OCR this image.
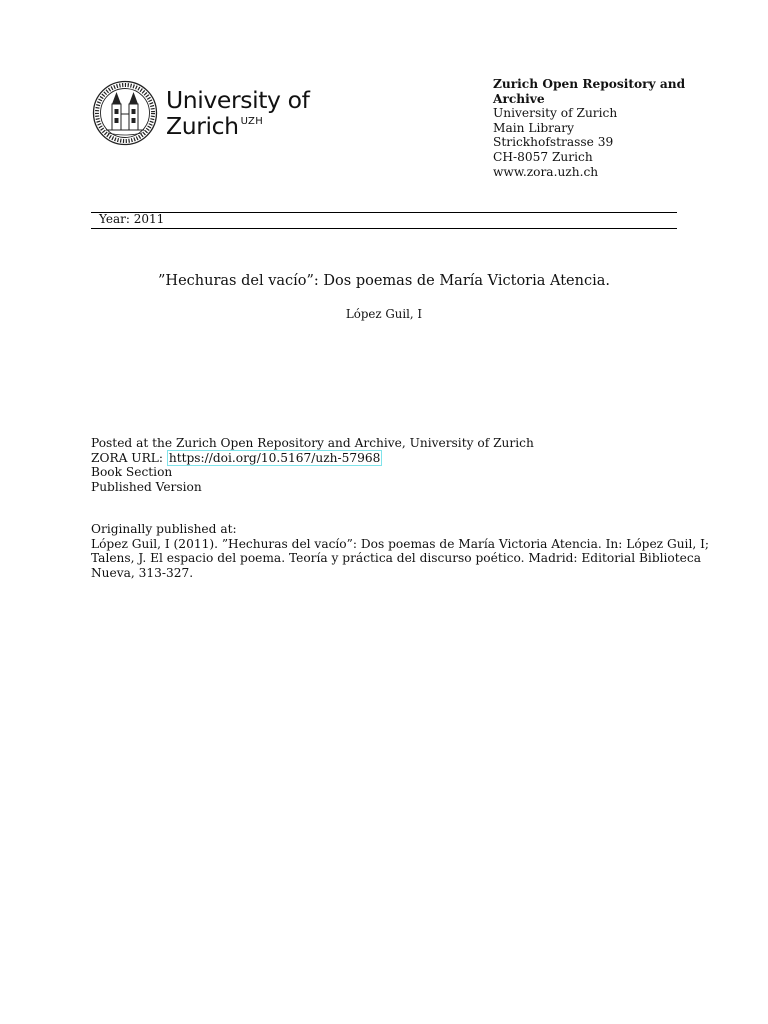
University of
Zurich $^{UZH}$
Zurich Open Repository and
Archive
University of Zurich
Main Library
Strickhofstrasse 39
CH-8057 Zurich
www.zora.uzh.ch
Year: 2011
”Hechuras del vacío”: Dos poemas de María Victoria Atencia.
López Guil, I
Posted at the Zurich Open Repository and Archive, University of Zurich
ZORA URL: https://doi.org/10.5167/uzh-57968
Book Section
Published Version
Originally published at:
López Guil, I (2011). ”Hechuras del vacío”: Dos poemas de María Victoria Atencia. In: López Guil, I;
Talens, J. El espacio del poema. Teoría y práctica del discurso poético. Madrid: Editorial Biblioteca
Nueva, 313-327.
